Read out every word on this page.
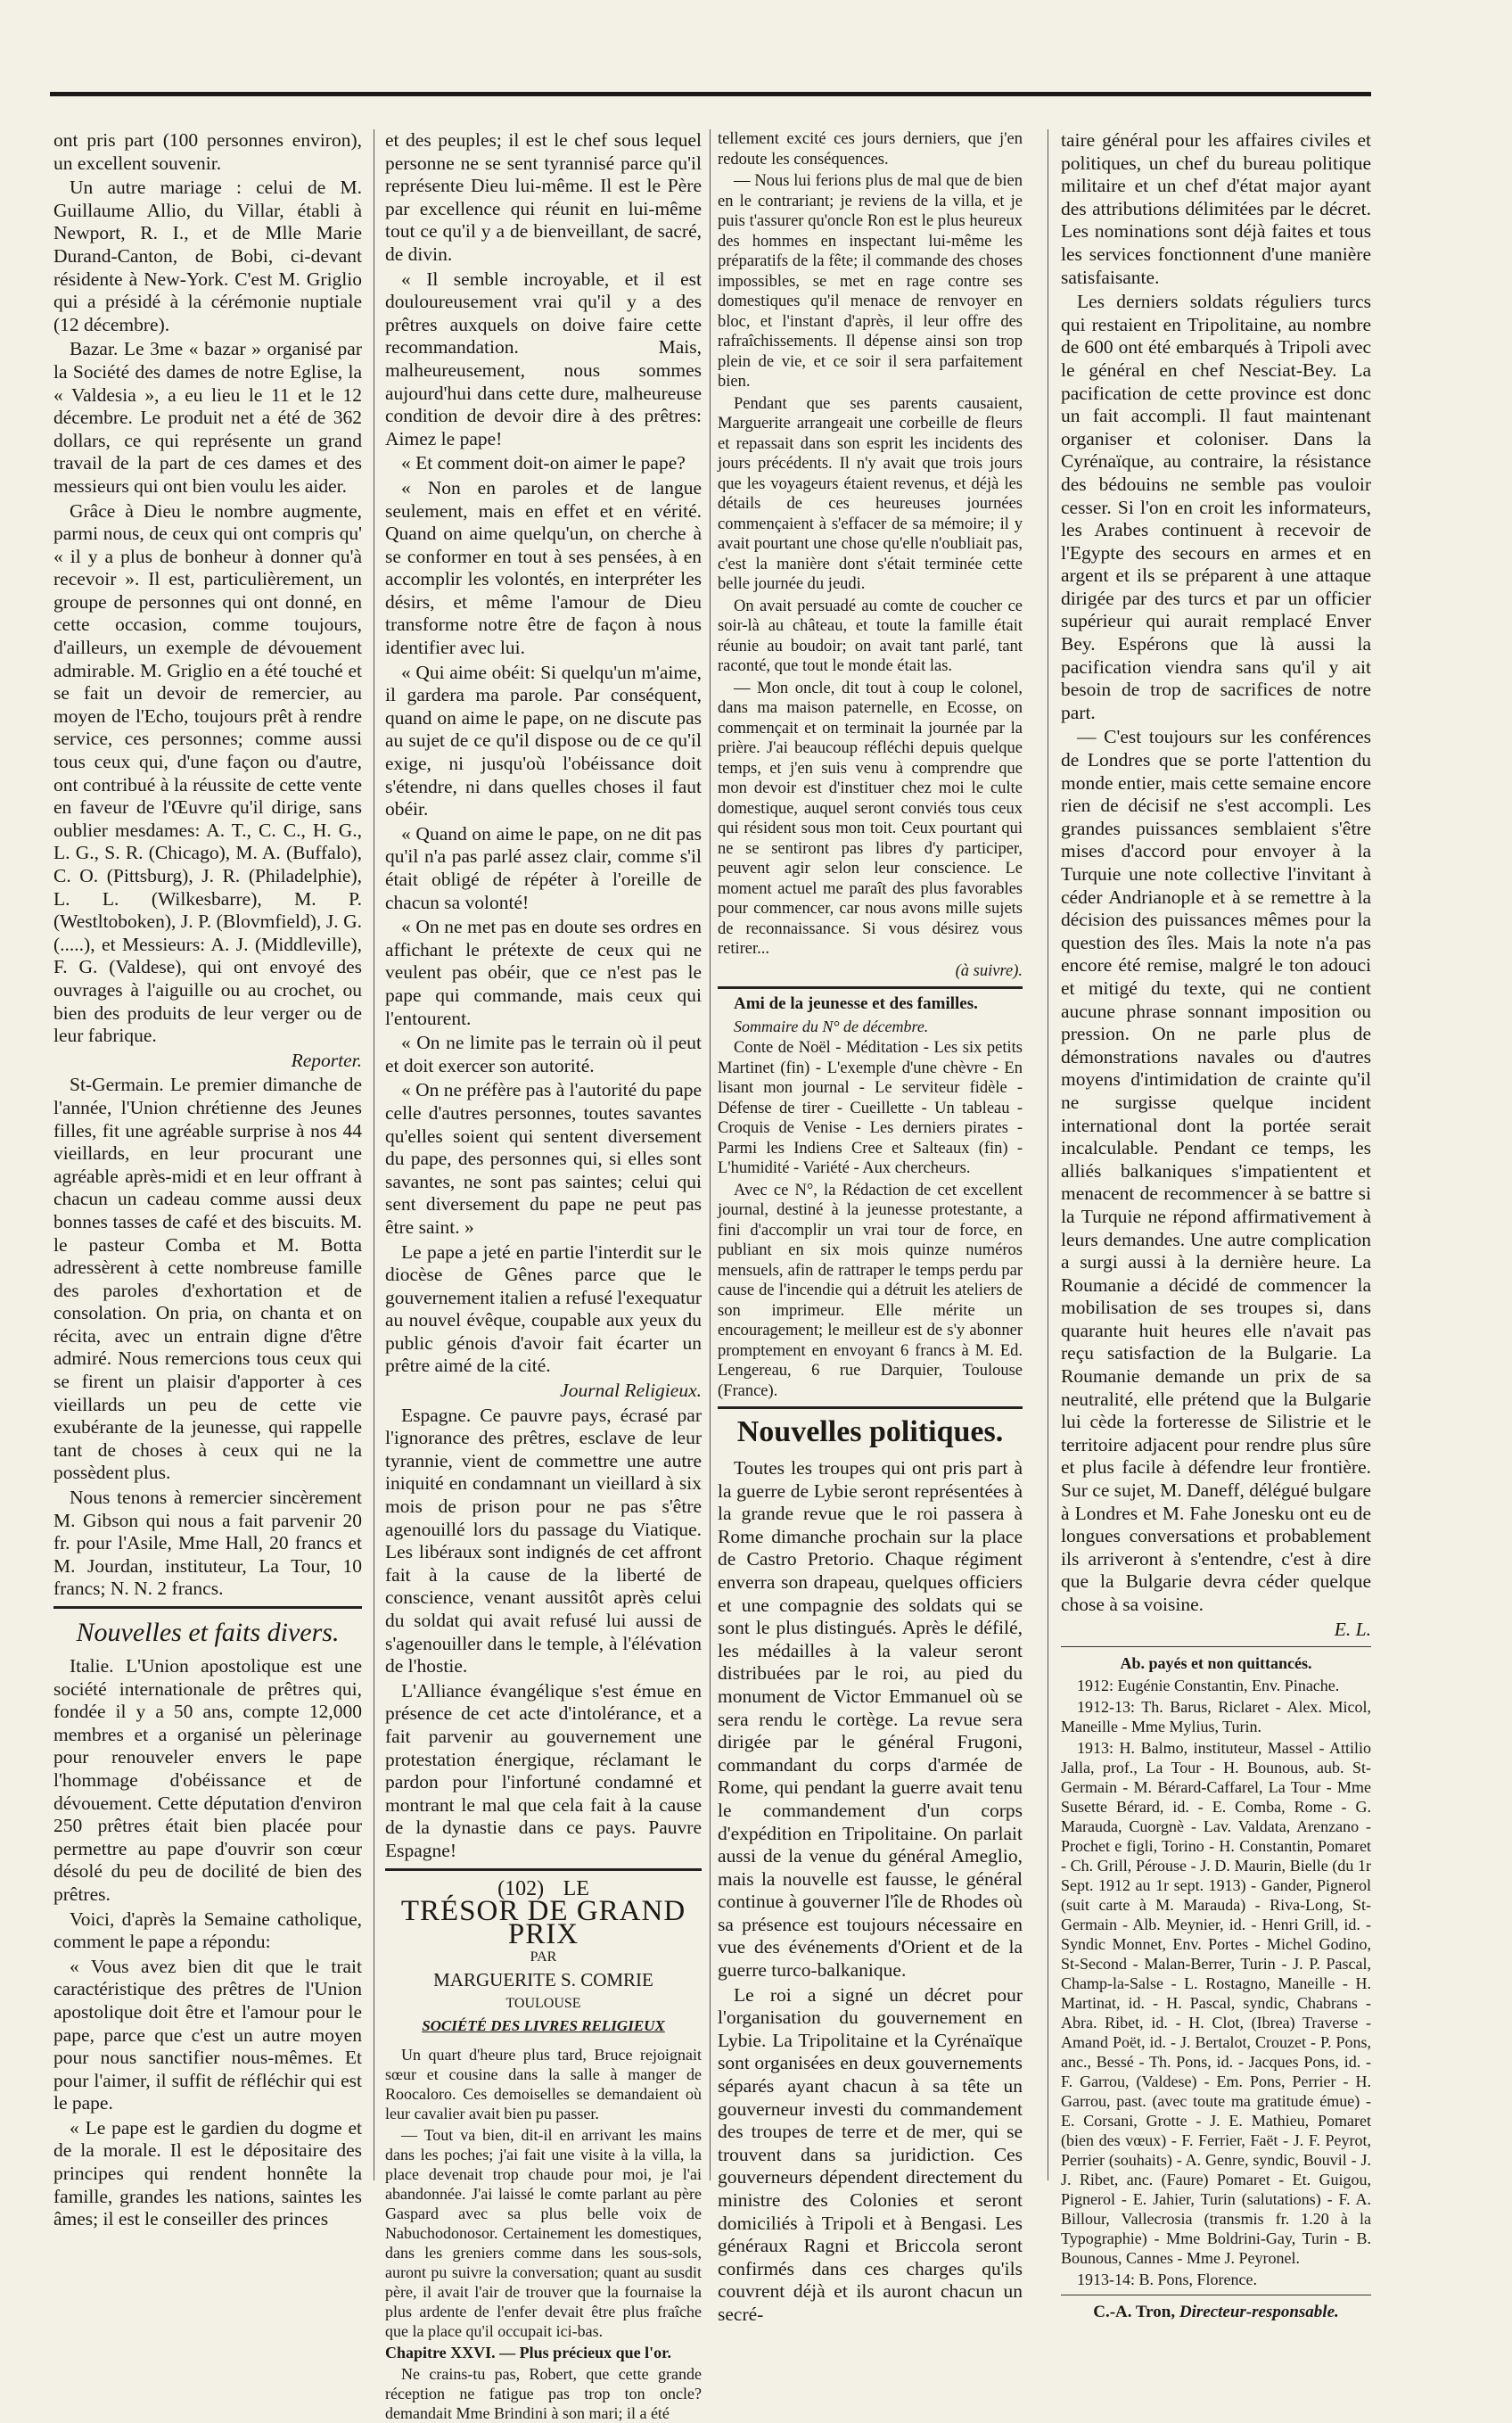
ont pris part (100 personnes environ), un excellent souvenir.

Un autre mariage : celui de M. Guillaume Allio, du Villar, établi à Newport, R. I., et de Mlle Marie Durand-Canton, de Bobi, ci-devant résidente à New-York. C'est M. Griglio qui a présidé à la cérémonie nuptiale (12 décembre).

Bazar. Le 3me « bazar » organisé par la Société des dames de notre Eglise, la « Valdesia », a eu lieu le 11 et le 12 décembre. Le produit net a été de 362 dollars, ce qui représente un grand travail de la part de ces dames et des messieurs qui ont bien voulu les aider.

Grâce à Dieu le nombre augmente, parmi nous, de ceux qui ont compris qu' « il y a plus de bonheur à donner qu'à recevoir ». Il est, particulièrement, un groupe de personnes qui ont donné, en cette occasion, comme toujours, d'ailleurs, un exemple de dévouement admirable. M. Griglio en a été touché et se fait un devoir de remercier, au moyen de l'Echo, toujours prêt à rendre service, ces personnes; comme aussi tous ceux qui, d'une façon ou d'autre, ont contribué à la réussite de cette vente en faveur de l'Œuvre qu'il dirige, sans oublier mesdames: A. T., C. C., H. G., L. G., S. R. (Chicago), M. A. (Buffalo), C. O. (Pittsburg), J. R. (Philadelphie), L. L. (Wilkesbarre), M. P. (Westltoboken), J. P. (Blovmfield), J. G. (.....), et Messieurs: A. J. (Middleville), F. G. (Valdese), qui ont envoyé des ouvrages à l'aiguille ou au crochet, ou bien des produits de leur verger ou de leur fabrique.

Reporter.

St-Germain. Le premier dimanche de l'année, l'Union chrétienne des Jeunes filles, fit une agréable surprise à nos 44 vieillards, en leur procurant une agréable après-midi et en leur offrant à chacun un cadeau comme aussi deux bonnes tasses de café et des biscuits. M. le pasteur Comba et M. Botta adressèrent à cette nombreuse famille des paroles d'exhortation et de consolation. On pria, on chanta et on récita, avec un entrain digne d'être admiré. Nous remercions tous ceux qui se firent un plaisir d'apporter à ces vieillards un peu de cette vie exubérante de la jeunesse, qui rappelle tant de choses à ceux qui ne la possèdent plus.

Nous tenons à remercier sincèrement M. Gibson qui nous a fait parvenir 20 fr. pour l'Asile, Mme Hall, 20 francs et M. Jourdan, instituteur, La Tour, 10 francs; N. N. 2 francs.

Nouvelles et faits divers.

Italie. L'Union apostolique est une société internationale de prêtres qui, fondée il y a 50 ans, compte 12,000 membres et a organisé un pèlerinage pour renouveler envers le pape l'hommage d'obéissance et de dévouement. Cette députation d'environ 250 prêtres était bien placée pour permettre au pape d'ouvrir son cœur désolé du peu de docilité de bien des prêtres.

Voici, d'après la Semaine catholique, comment le pape a répondu:

« Vous avez bien dit que le trait caractéristique des prêtres de l'Union apostolique doit être et l'amour pour le pape, parce que c'est un autre moyen pour nous sanctifier nous-mêmes. Et pour l'aimer, il suffit de réfléchir qui est le pape.

« Le pape est le gardien du dogme et de la morale. Il est le dépositaire des principes qui rendent honnête la famille, grandes les nations, saintes les âmes; il est le conseiller des princes

et des peuples; il est le chef sous lequel personne ne se sent tyrannisé parce qu'il représente Dieu lui-même. Il est le Père par excellence qui réunit en lui-même tout ce qu'il y a de bienveillant, de sacré, de divin.

« Il semble incroyable, et il est douloureusement vrai qu'il y a des prêtres auxquels on doive faire cette recommandation. Mais, malheureusement, nous sommes aujourd'hui dans cette dure, malheureuse condition de devoir dire à des prêtres: Aimez le pape!

« Et comment doit-on aimer le pape?

« Non en paroles et de langue seulement, mais en effet et en vérité. Quand on aime quelqu'un, on cherche à se conformer en tout à ses pensées, à en accomplir les volontés, en interpréter les désirs, et même l'amour de Dieu transforme notre être de façon à nous identifier avec lui.

« Qui aime obéit: Si quelqu'un m'aime, il gardera ma parole. Par conséquent, quand on aime le pape, on ne discute pas au sujet de ce qu'il dispose ou de ce qu'il exige, ni jusqu'où l'obéissance doit s'étendre, ni dans quelles choses il faut obéir.

« Quand on aime le pape, on ne dit pas qu'il n'a pas parlé assez clair, comme s'il était obligé de répéter à l'oreille de chacun sa volonté!

« On ne met pas en doute ses ordres en affichant le prétexte de ceux qui ne veulent pas obéir, que ce n'est pas le pape qui commande, mais ceux qui l'entourent.

« On ne limite pas le terrain où il peut et doit exercer son autorité.

« On ne préfère pas à l'autorité du pape celle d'autres personnes, toutes savantes qu'elles soient qui sentent diversement du pape, des personnes qui, si elles sont savantes, ne sont pas saintes; celui qui sent diversement du pape ne peut pas être saint. »

Le pape a jeté en partie l'interdit sur le diocèse de Gênes parce que le gouvernement italien a refusé l'exequatur au nouvel évêque, coupable aux yeux du public génois d'avoir fait écarter un prêtre aimé de la cité.

Journal Religieux.

Espagne. Ce pauvre pays, écrasé par l'ignorance des prêtres, esclave de leur tyrannie, vient de commettre une autre iniquité en condamnant un vieillard à six mois de prison pour ne pas s'être agenouillé lors du passage du Viatique. Les libéraux sont indignés de cet affront fait à la cause de la liberté de conscience, venant aussitôt après celui du soldat qui avait refusé lui aussi de s'agenouiller dans le temple, à l'élévation de l'hostie.

L'Alliance évangélique s'est émue en présence de cet acte d'intolérance, et a fait parvenir au gouvernement une protestation énergique, réclamant le pardon pour l'infortuné condamné et montrant le mal que cela fait à la cause de la dynastie dans ce pays. Pauvre Espagne!

(102) LE
TRÉSOR DE GRAND PRIX
PAR
MARGUERITE S. COMRIE
TOULOUSE
SOCIÉTÉ DES LIVRES RELIGIEUX

Un quart d'heure plus tard, Bruce rejoignait sœur et cousine dans la salle à manger de Roocaloro. Ces demoiselles se demandaient où leur cavalier avait bien pu passer.

— Tout va bien, dit-il en arrivant les mains dans les poches; j'ai fait une visite à la villa, la place devenait trop chaude pour moi, je l'ai abandonnée. J'ai laissé le comte parlant au père Gaspard avec sa plus belle voix de Nabuchodonosor. Certainement les domestiques, dans les greniers comme dans les sous-sols, auront pu suivre la conversation; quant au susdit père, il avait l'air de trouver que la fournaise la plus ardente de l'enfer devait être plus fraîche que la place qu'il occupait ici-bas.

Chapitre XXVI. — Plus précieux que l'or.

Ne crains-tu pas, Robert, que cette grande réception ne fatigue pas trop ton oncle? demandait Mme Brindini à son mari; il a été

tellement excité ces jours derniers, que j'en redoute les conséquences.

— Nous lui ferions plus de mal que de bien en le contrariant; je reviens de la villa, et je puis t'assurer qu'oncle Ron est le plus heureux des hommes en inspectant lui-même les préparatifs de la fête; il commande des choses impossibles, se met en rage contre ses domestiques qu'il menace de renvoyer en bloc, et l'instant d'après, il leur offre des rafraîchissements. Il dépense ainsi son trop plein de vie, et ce soir il sera parfaitement bien.

Pendant que ses parents causaient, Marguerite arrangeait une corbeille de fleurs et repassait dans son esprit les incidents des jours précédents. Il n'y avait que trois jours que les voyageurs étaient revenus, et déjà les détails de ces heureuses journées commençaient à s'effacer de sa mémoire; il y avait pourtant une chose qu'elle n'oubliait pas, c'est la manière dont s'était terminée cette belle journée du jeudi.

On avait persuadé au comte de coucher ce soir-là au château, et toute la famille était réunie au boudoir; on avait tant parlé, tant raconté, que tout le monde était las.

— Mon oncle, dit tout à coup le colonel, dans ma maison paternelle, en Ecosse, on commençait et on terminait la journée par la prière. J'ai beaucoup réfléchi depuis quelque temps, et j'en suis venu à comprendre que mon devoir est d'instituer chez moi le culte domestique, auquel seront conviés tous ceux qui résident sous mon toit. Ceux pourtant qui ne se sentiront pas libres d'y participer, peuvent agir selon leur conscience. Le moment actuel me paraît des plus favorables pour commencer, car nous avons mille sujets de reconnaissance. Si vous désirez vous retirer...

(à suivre).

Ami de la jeunesse et des familles.

Sommaire du N° de décembre.

Conte de Noël - Méditation - Les six petits Martinet (fin) - L'exemple d'une chèvre - En lisant mon journal - Le serviteur fidèle - Défense de tirer - Cueillette - Un tableau - Croquis de Venise - Les derniers pirates - Parmi les Indiens Cree et Salteaux (fin) - L'humidité - Variété - Aux chercheurs.

Avec ce N°, la Rédaction de cet excellent journal, destiné à la jeunesse protestante, a fini d'accomplir un vrai tour de force, en publiant en six mois quinze numéros mensuels, afin de rattraper le temps perdu par cause de l'incendie qui a détruit les ateliers de son imprimeur. Elle mérite un encouragement; le meilleur est de s'y abonner promptement en envoyant 6 francs à M. Ed. Lengereau, 6 rue Darquier, Toulouse (France).

Nouvelles politiques.

Toutes les troupes qui ont pris part à la guerre de Lybie seront représentées à la grande revue que le roi passera à Rome dimanche prochain sur la place de Castro Pretorio. Chaque régiment enverra son drapeau, quelques officiers et une compagnie des soldats qui se sont le plus distingués. Après le défilé, les médailles à la valeur seront distribuées par le roi, au pied du monument de Victor Emmanuel où se sera rendu le cortège. La revue sera dirigée par le général Frugoni, commandant du corps d'armée de Rome, qui pendant la guerre avait tenu le commandement d'un corps d'expédition en Tripolitaine. On parlait aussi de la venue du général Ameglio, mais la nouvelle est fausse, le général continue à gouverner l'île de Rhodes où sa présence est toujours nécessaire en vue des événements d'Orient et de la guerre turco-balkanique.

Le roi a signé un décret pour l'organisation du gouvernement en Lybie. La Tripolitaine et la Cyrénaïque sont organisées en deux gouvernements séparés ayant chacun à sa tête un gouverneur investi du commandement des troupes de terre et de mer, qui se trouvent dans sa juridiction. Ces gouverneurs dépendent directement du ministre des Colonies et seront domiciliés à Tripoli et à Bengasi. Les généraux Ragni et Briccola seront confirmés dans ces charges qu'ils couvrent déjà et ils auront chacun un secré-

taire général pour les affaires civiles et politiques, un chef du bureau politique militaire et un chef d'état major ayant des attributions délimitées par le décret. Les nominations sont déjà faites et tous les services fonctionnent d'une manière satisfaisante.

Les derniers soldats réguliers turcs qui restaient en Tripolitaine, au nombre de 600 ont été embarqués à Tripoli avec le général en chef Nesciat-Bey. La pacification de cette province est donc un fait accompli. Il faut maintenant organiser et coloniser. Dans la Cyrénaïque, au contraire, la résistance des bédouins ne semble pas vouloir cesser. Si l'on en croit les informateurs, les Arabes continuent à recevoir de l'Egypte des secours en armes et en argent et ils se préparent à une attaque dirigée par des turcs et par un officier supérieur qui aurait remplacé Enver Bey. Espérons que là aussi la pacification viendra sans qu'il y ait besoin de trop de sacrifices de notre part.

— C'est toujours sur les conférences de Londres que se porte l'attention du monde entier, mais cette semaine encore rien de décisif ne s'est accompli. Les grandes puissances semblaient s'être mises d'accord pour envoyer à la Turquie une note collective l'invitant à céder Andrianople et à se remettre à la décision des puissances mêmes pour la question des îles. Mais la note n'a pas encore été remise, malgré le ton adouci et mitigé du texte, qui ne contient aucune phrase sonnant imposition ou pression. On ne parle plus de démonstrations navales ou d'autres moyens d'intimidation de crainte qu'il ne surgisse quelque incident international dont la portée serait incalculable. Pendant ce temps, les alliés balkaniques s'impatientent et menacent de recommencer à se battre si la Turquie ne répond affirmativement à leurs demandes. Une autre complication a surgi aussi à la dernière heure. La Roumanie a décidé de commencer la mobilisation de ses troupes si, dans quarante huit heures elle n'avait pas reçu satisfaction de la Bulgarie. La Roumanie demande un prix de sa neutralité, elle prétend que la Bulgarie lui cède la forteresse de Silistrie et le territoire adjacent pour rendre plus sûre et plus facile à défendre leur frontière. Sur ce sujet, M. Daneff, délégué bulgare à Londres et M. Fahe Jonesku ont eu de longues conversations et probablement ils arriveront à s'entendre, c'est à dire que la Bulgarie devra céder quelque chose à sa voisine.

E. L.

Ab. payés et non quittancés.

1912: Eugénie Constantin, Env. Pinache.

1912-13: Th. Barus, Riclaret - Alex. Micol, Maneille - Mme Mylius, Turin.

1913: H. Balmo, instituteur, Massel - Attilio Jalla, prof., La Tour - H. Bounous, aub. St-Germain - M. Bérard-Caffarel, La Tour - Mme Susette Bérard, id. - E. Comba, Rome - G. Marauda, Cuorgnè - Lav. Valdata, Arenzano - Prochet e figli, Torino - H. Constantin, Pomaret - Ch. Grill, Pérouse - J. D. Maurin, Bielle (du 1r Sept. 1912 au 1r sept. 1913) - Gander, Pignerol (suit carte à M. Marauda) - Riva-Long, St-Germain - Alb. Meynier, id. - Henri Grill, id. - Syndic Monnet, Env. Portes - Michel Godino, St-Second - Malan-Berrer, Turin - J. P. Pascal, Champ-la-Salse - L. Rostagno, Maneille - H. Martinat, id. - H. Pascal, syndic, Chabrans - Abra. Ribet, id. - H. Clot, (Ibrea) Traverse - Amand Poët, id. - J. Bertalot, Crouzet - P. Pons, anc., Bessé - Th. Pons, id. - Jacques Pons, id. - F. Garrou, (Valdese) - Em. Pons, Perrier - H. Garrou, past. (avec toute ma gratitude émue) - E. Corsani, Grotte - J. E. Mathieu, Pomaret (bien des vœux) - F. Ferrier, Faët - J. F. Peyrot, Perrier (souhaits) - A. Genre, syndic, Bouvil - J. J. Ribet, anc. (Faure) Pomaret - Et. Guigou, Pignerol - E. Jahier, Turin (salutations) - F. A. Billour, Vallecrosia (transmis fr. 1.20 à la Typographie) - Mme Boldrini-Gay, Turin - B. Bounous, Cannes - Mme J. Peyronel.

1913-14: B. Pons, Florence.

C.-A. Tron, Directeur-responsable.
